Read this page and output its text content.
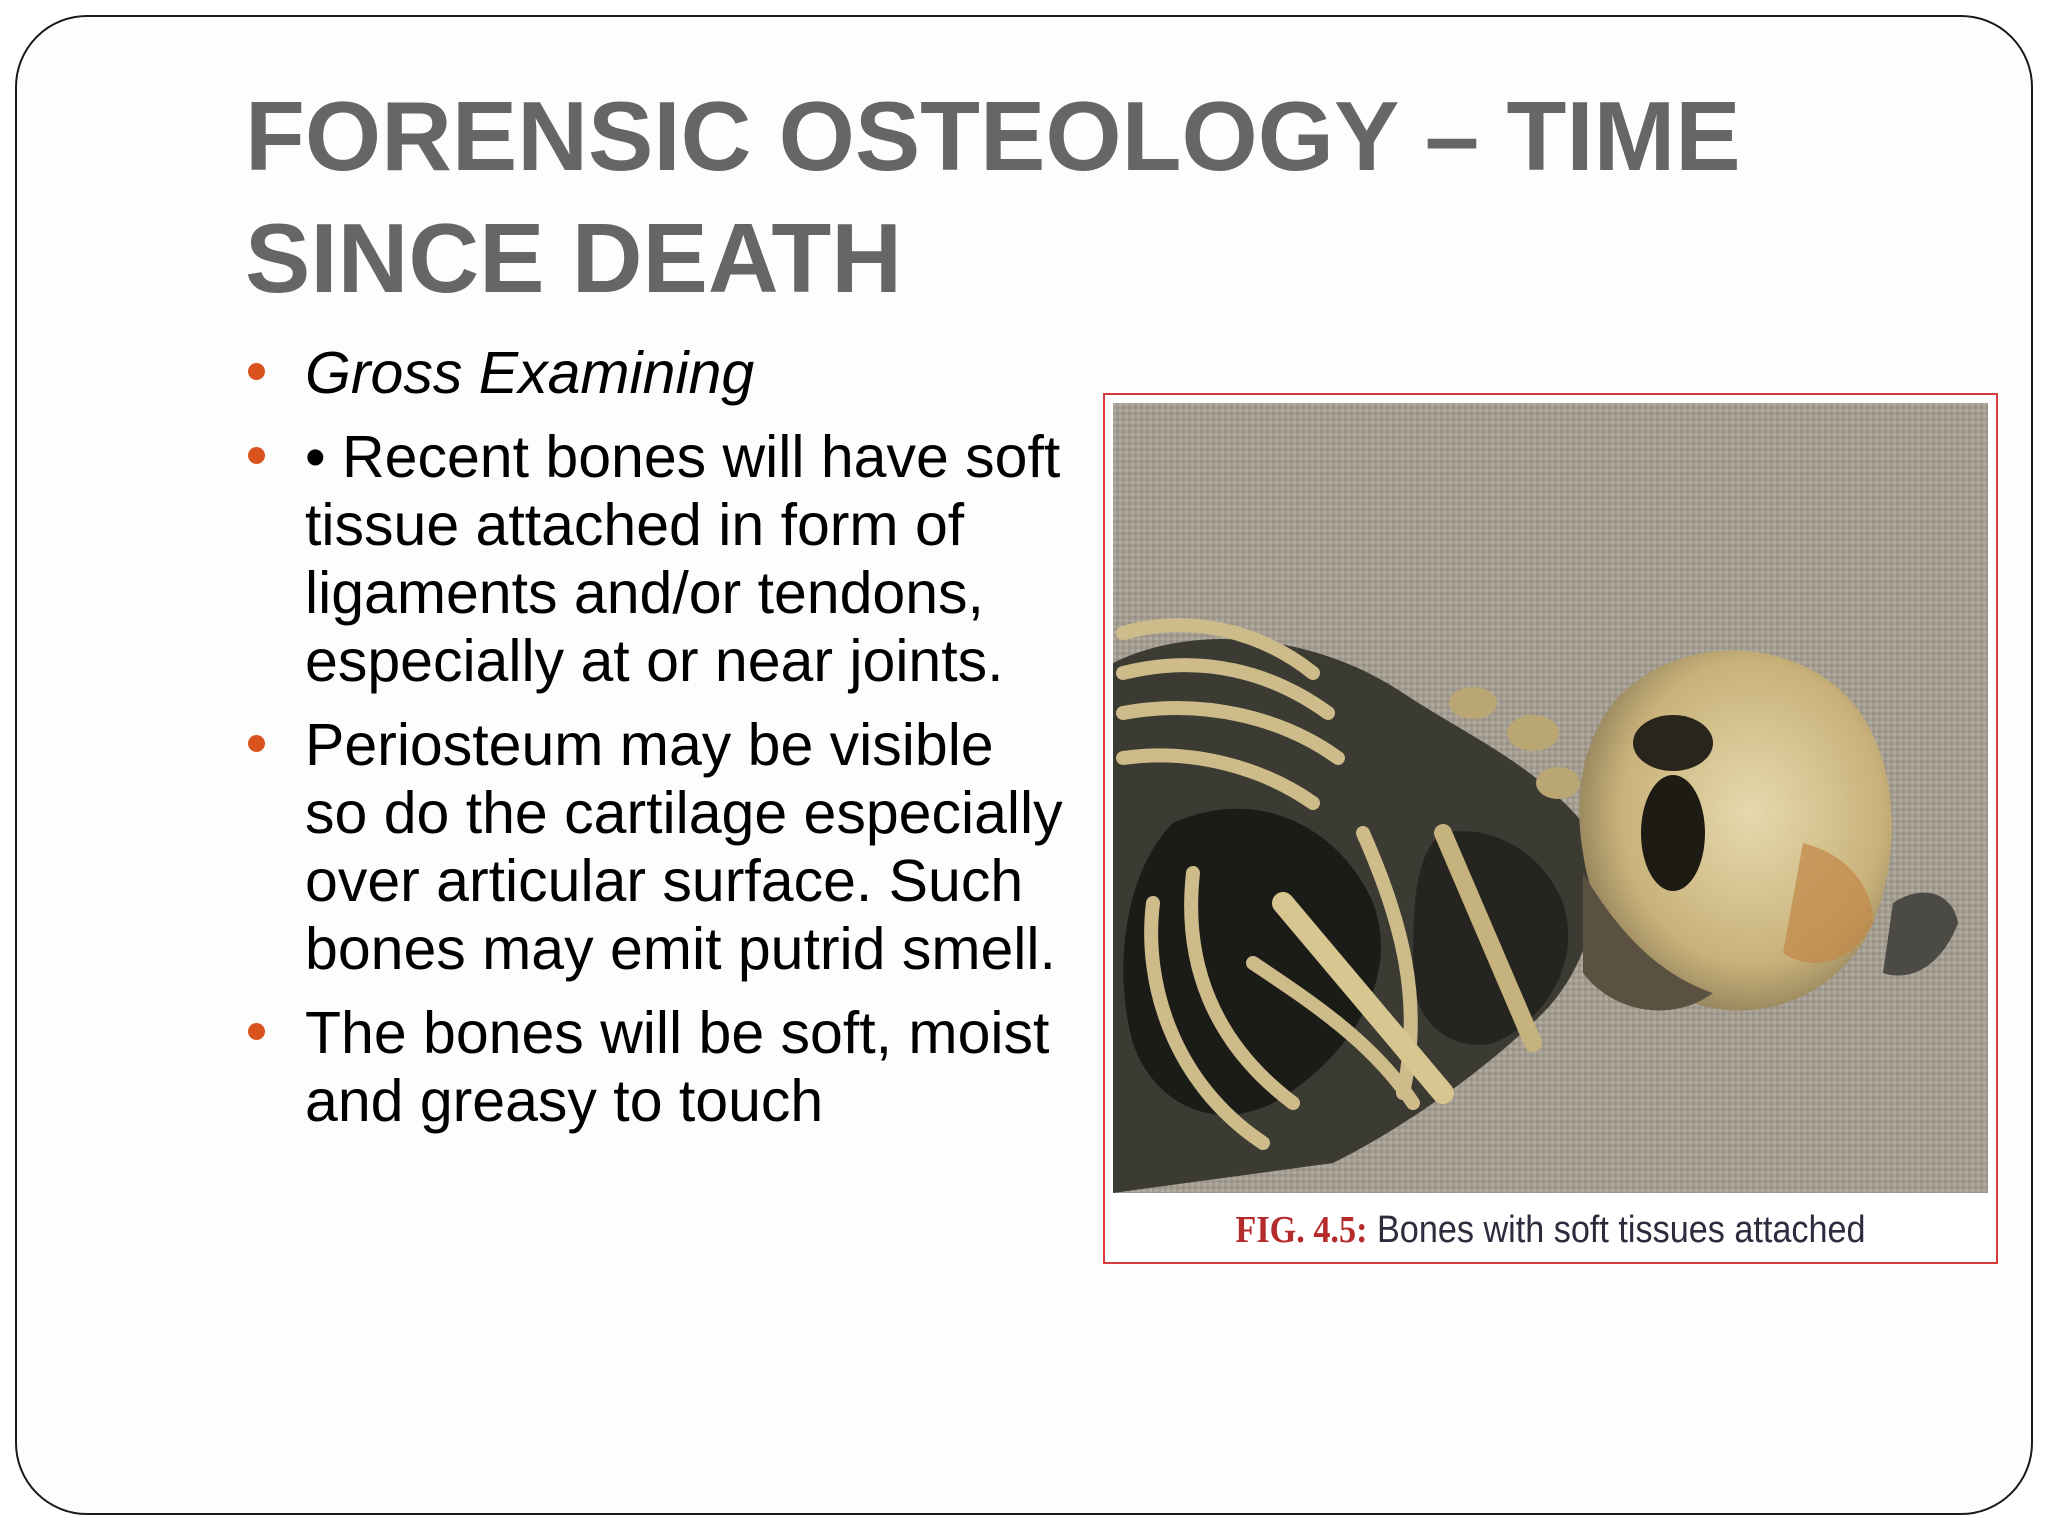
FORENSIC OSTEOLOGY – TIME SINCE DEATH
Gross Examining
• Recent bones will have soft tissue attached in form of ligaments and/or tendons, especially at or near joints.
Periosteum may be visible so do the cartilage especially over articular surface. Such bones may emit putrid smell.
The bones will be soft, moist and greasy to touch
FIG. 4.5: Bones with soft tissues attached
